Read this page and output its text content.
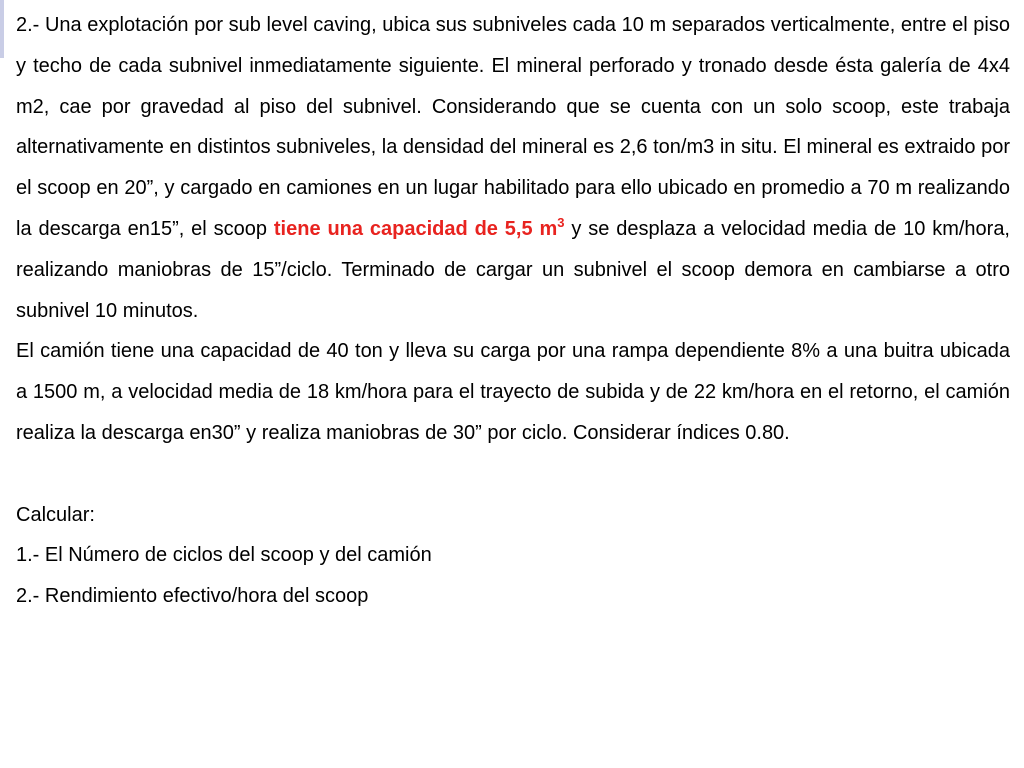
2.- Una explotación por sub level caving, ubica sus subniveles cada 10 m separados verticalmente, entre el piso y techo de cada subnivel inmediatamente siguiente. El mineral perforado y tronado desde ésta galería de 4x4 m2, cae por gravedad al piso del subnivel. Considerando que se cuenta con un solo scoop, este trabaja alternativamente en distintos subniveles, la densidad del mineral es 2,6 ton/m3 in situ. El mineral es extraido por el scoop en 20”, y cargado en camiones en un lugar habilitado para ello ubicado en promedio a 70 m realizando la descarga en15”, el scoop tiene una capacidad de 5,5 $m^3$ y se desplaza a velocidad media de 10 km/hora, realizando maniobras de 15”/ciclo. Terminado de cargar un subnivel el scoop demora en cambiarse a otro subnivel 10 minutos.

El camión tiene una capacidad de 40 ton y lleva su carga por una rampa dependiente 8% a una buitra ubicada a 1500 m, a velocidad media de 18 km/hora para el trayecto de subida y de 22 km/hora en el retorno, el camión realiza la descarga en30” y realiza maniobras de 30” por ciclo. Considerar índices 0.80.

Calcular:

1.- El Número de ciclos del scoop y del camión

2.- Rendimiento efectivo/hora del scoop
